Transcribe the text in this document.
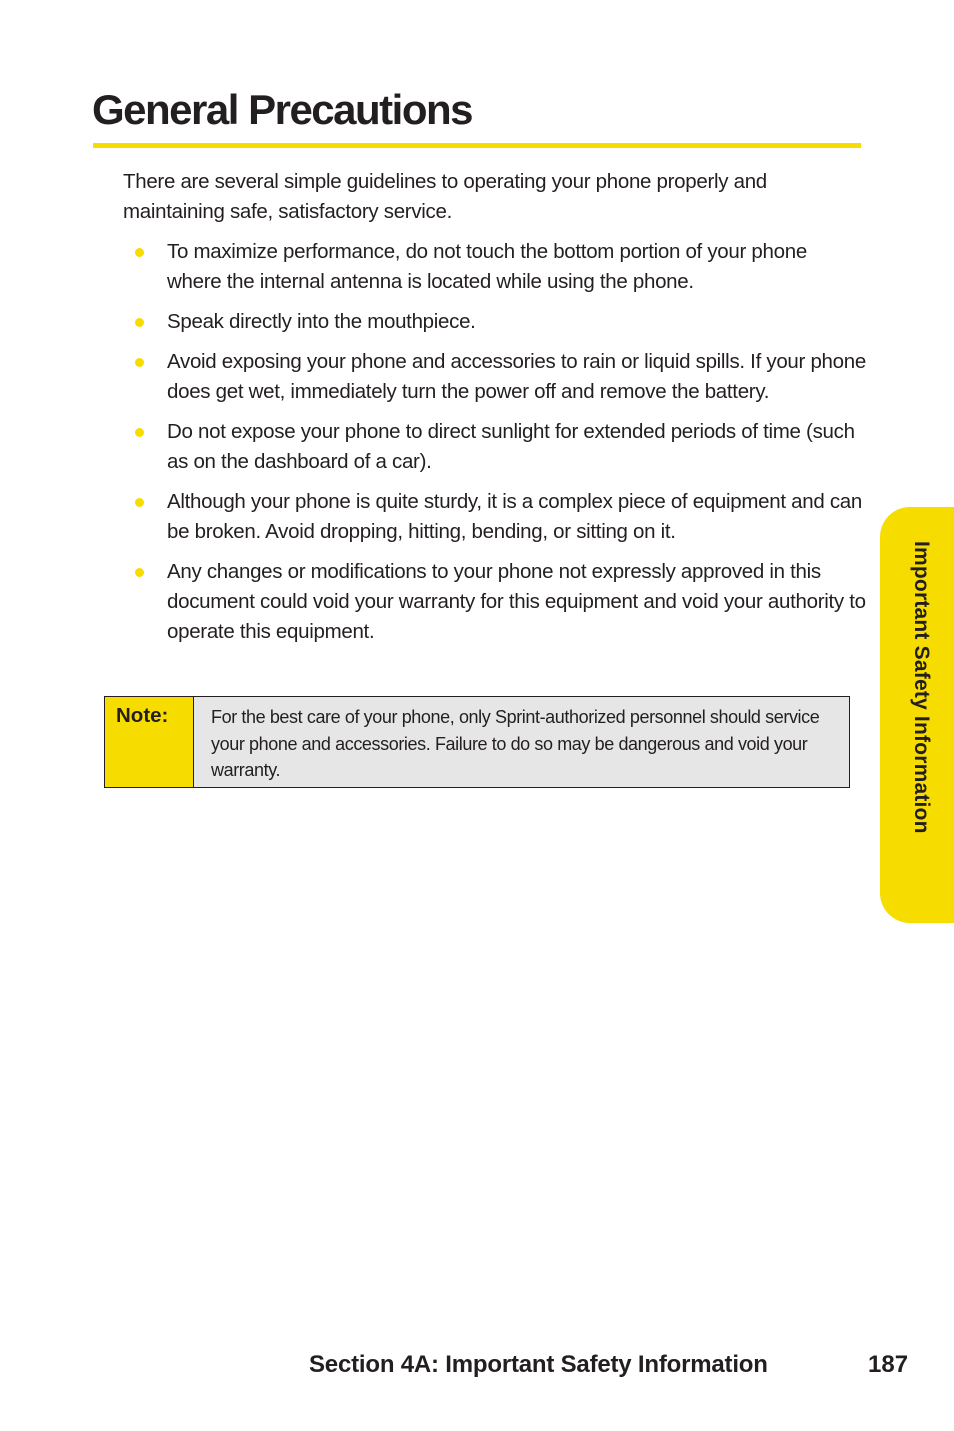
General Precautions

There are several simple guidelines to operating your phone properly and maintaining safe, satisfactory service.

To maximize performance, do not touch the bottom portion of your phone where the internal antenna is located while using the phone.
Speak directly into the mouthpiece.
Avoid exposing your phone and accessories to rain or liquid spills. If your phone does get wet, immediately turn the power off and remove the battery.
Do not expose your phone to direct sunlight for extended periods of time (such as on the dashboard of a car).
Although your phone is quite sturdy, it is a complex piece of equipment and can be broken. Avoid dropping, hitting, bending, or sitting on it.
Any changes or modifications to your phone not expressly approved in this document could void your warranty for this equipment and void your authority to operate this equipment.
Note:	For the best care of your phone, only Sprint-authorized personnel should service your phone and accessories. Failure to do so may be dangerous and void your warranty.	Important Safety Information

Section 4A: Important Safety Information	187
